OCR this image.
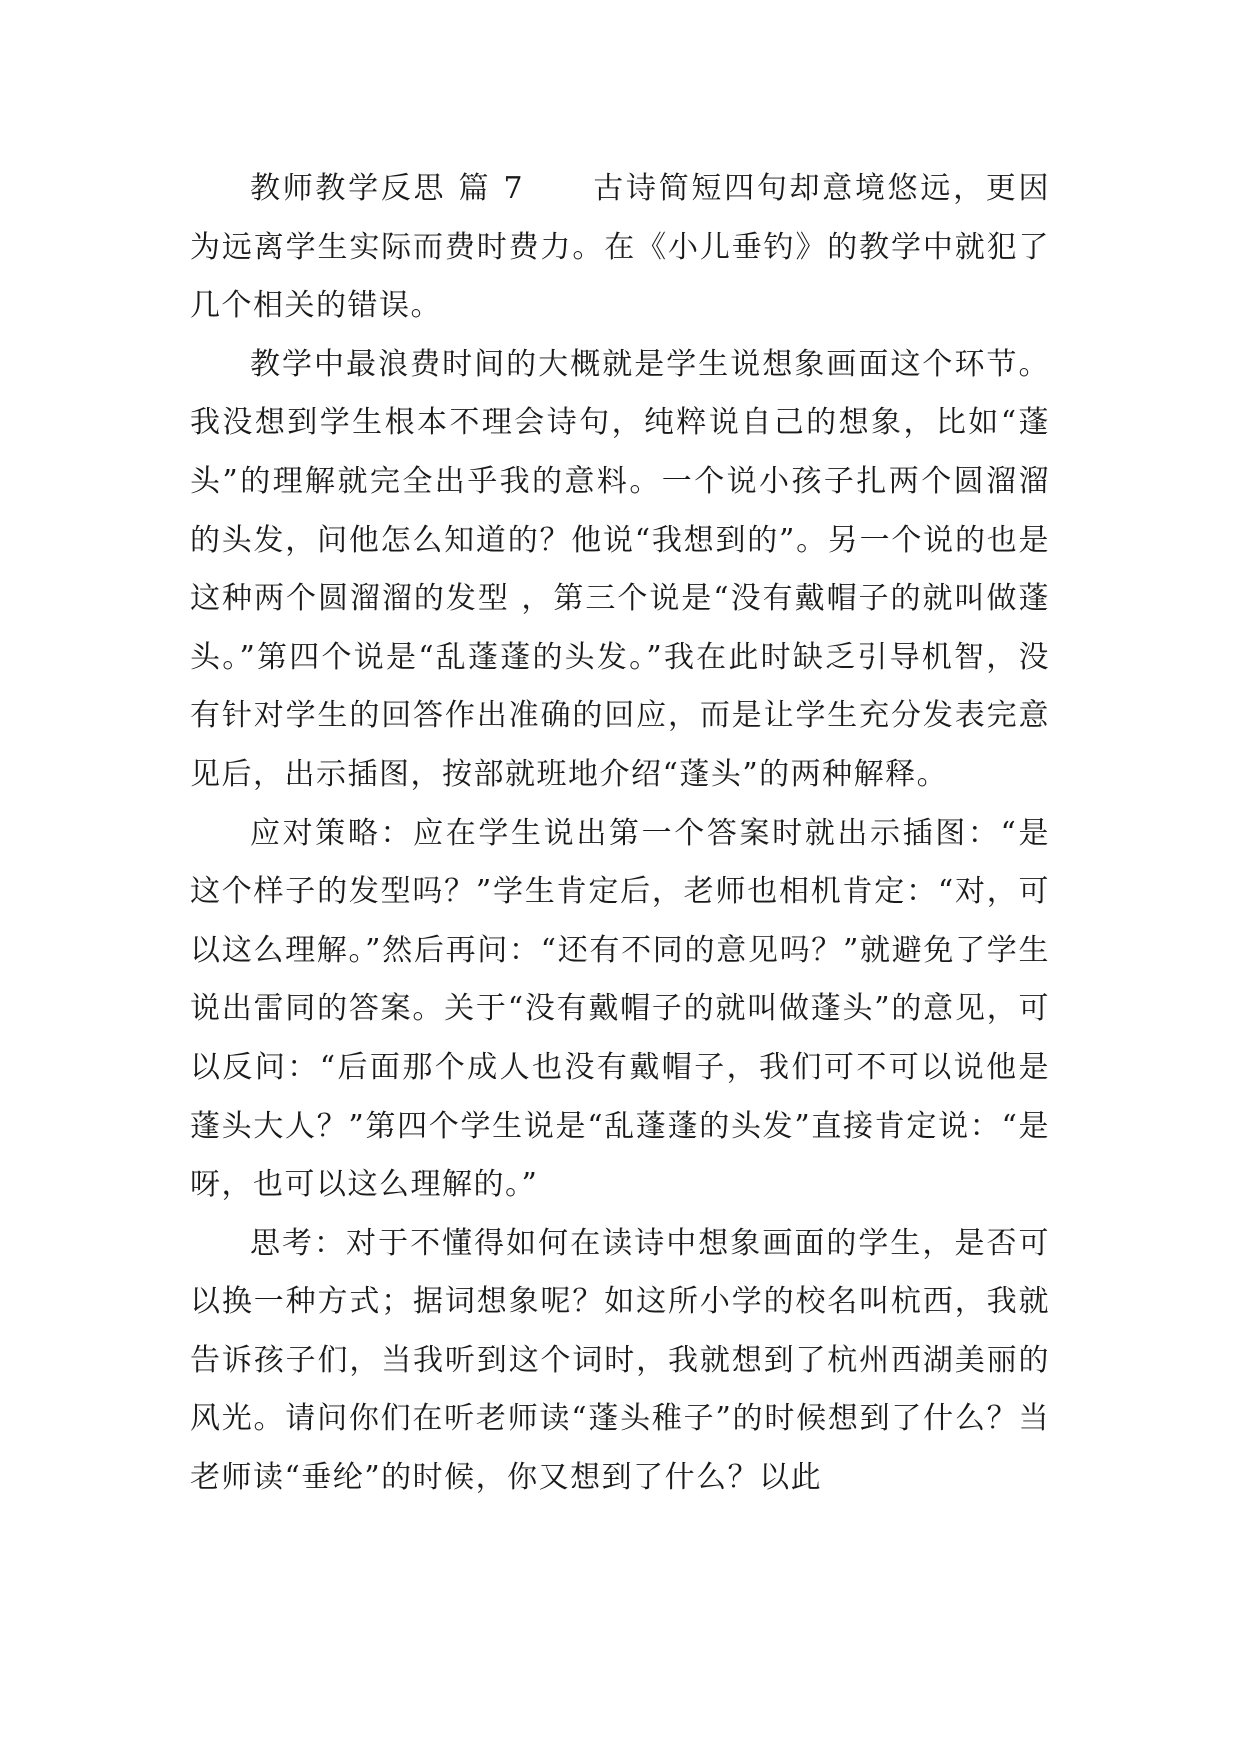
教师教学反思 篇 7 古诗简短四句却意境悠远，更因为远离学生实际而费时费力。在《小儿垂钓》的教学中就犯了几个相关的错误。

教学中最浪费时间的大概就是学生说想象画面这个环节。我没想到学生根本不理会诗句，纯粹说自己的想象，比如“蓬头”的理解就完全出乎我的意料。一个说小孩子扎两个圆溜溜的头发，问他怎么知道的？他说“我想到的”。另一个说的也是这种两个圆溜溜的发型 ，第三个说是“没有戴帽子的就叫做蓬头。”第四个说是“乱蓬蓬的头发。”我在此时缺乏引导机智，没有针对学生的回答作出准确的回应，而是让学生充分发表完意见后，出示插图，按部就班地介绍“蓬头”的两种解释。

应对策略：应在学生说出第一个答案时就出示插图：“是这个样子的发型吗？”学生肯定后，老师也相机肯定：“对，可以这么理解。”然后再问：“还有不同的意见吗？”就避免了学生说出雷同的答案。关于“没有戴帽子的就叫做蓬头”的意见，可以反问：“后面那个成人也没有戴帽子，我们可不可以说他是蓬头大人？”第四个学生说是“乱蓬蓬的头发”直接肯定说：“是呀，也可以这么理解的。”

思考：对于不懂得如何在读诗中想象画面的学生，是否可以换一种方式；据词想象呢？如这所小学的校名叫杭西，我就告诉孩子们，当我听到这个词时，我就想到了杭州西湖美丽的风光。请问你们在听老师读“蓬头稚子”的时候想到了什么？当老师读“垂纶”的时候，你又想到了什么？以此
